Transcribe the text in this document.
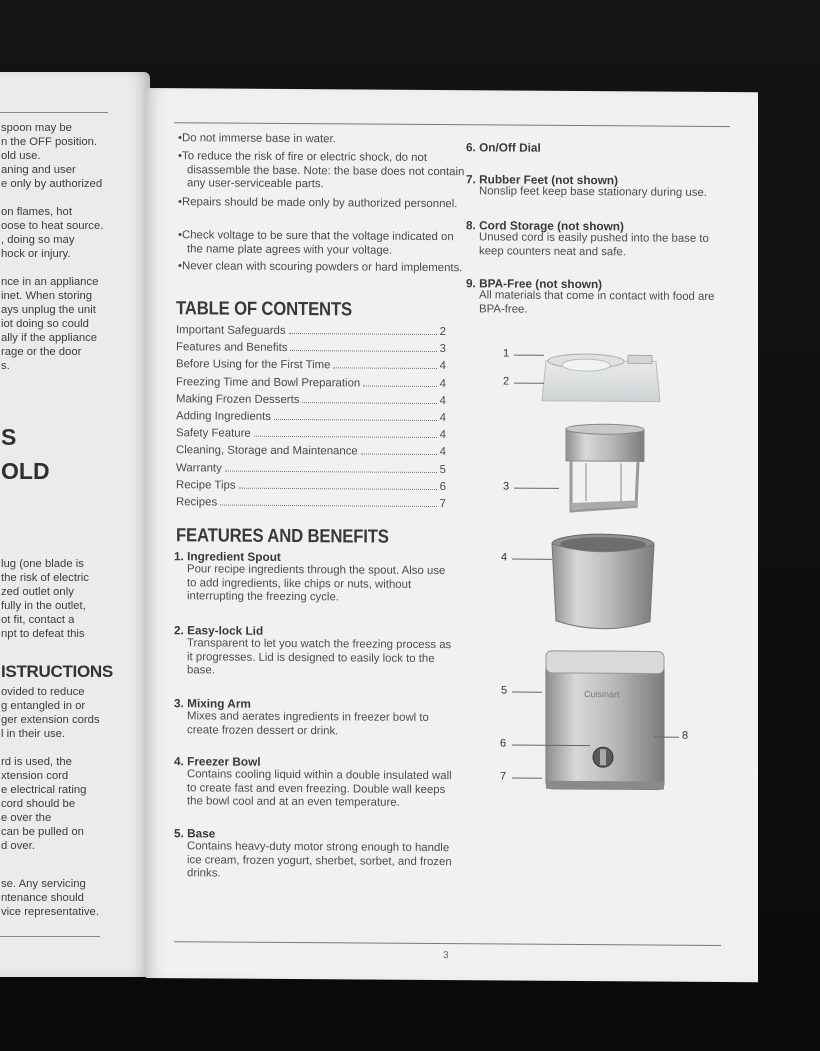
spoon may be
n the OFF position.
old use.
aning and user
e only by authorized
on flames, hot
oose to heat source.
, doing so may
hock or injury.
nce in an appliance
inet. When storing
ays unplug the unit
iot doing so could
ally if the appliance
rage or the door
s.
S
OLD
lug (one blade is
the risk of electric
zed outlet only
fully in the outlet,
ot fit, contact a
npt to defeat this
ISTRUCTIONS
ovided to reduce
g entangled in or
ger extension cords
l in their use.
rd is used, the
xtension cord
e electrical rating
cord should be
e over the
can be pulled on
d over.
se. Any servicing
ntenance should
vice representative.
• Do not immerse base in water.
• To reduce the risk of fire or electric shock, do not disassemble the base. Note: the base does not contain any user-serviceable parts.
• Repairs should be made only by authorized personnel.
• Check voltage to be sure that the voltage indicated on the name plate agrees with your voltage.
• Never clean with scouring powders or hard implements.
TABLE OF CONTENTS
Important Safeguards	2
Features and Benefits	3
Before Using for the First Time	4
Freezing Time and Bowl Preparation	4
Making Frozen Desserts	4
Adding Ingredients	4
Safety Feature	4
Cleaning, Storage and Maintenance	4
Warranty	5
Recipe Tips	6
Recipes	7
FEATURES AND BENEFITS
1. Ingredient Spout
Pour recipe ingredients through the spout. Also use to add ingredients, like chips or nuts, without interrupting the freezing cycle.
2. Easy-lock Lid
Transparent to let you watch the freezing process as it progresses. Lid is designed to easily lock to the base.
3. Mixing Arm
Mixes and aerates ingredients in freezer bowl to create frozen dessert or drink.
4. Freezer Bowl
Contains cooling liquid within a double insulated wall to create fast and even freezing. Double wall keeps the bowl cool and at an even temperature.
5. Base
Contains heavy-duty motor strong enough to handle ice cream, frozen yogurt, sherbet, sorbet, and frozen drinks.
6. On/Off Dial
7. Rubber Feet (not shown)
Nonslip feet keep base stationary during use.
8. Cord Storage (not shown)
Unused cord is easily pushed into the base to keep counters neat and safe.
9. BPA-Free (not shown)
All materials that come in contact with food are BPA-free.
Cuisinart
1
2
3
4
5
6
7
8
3
